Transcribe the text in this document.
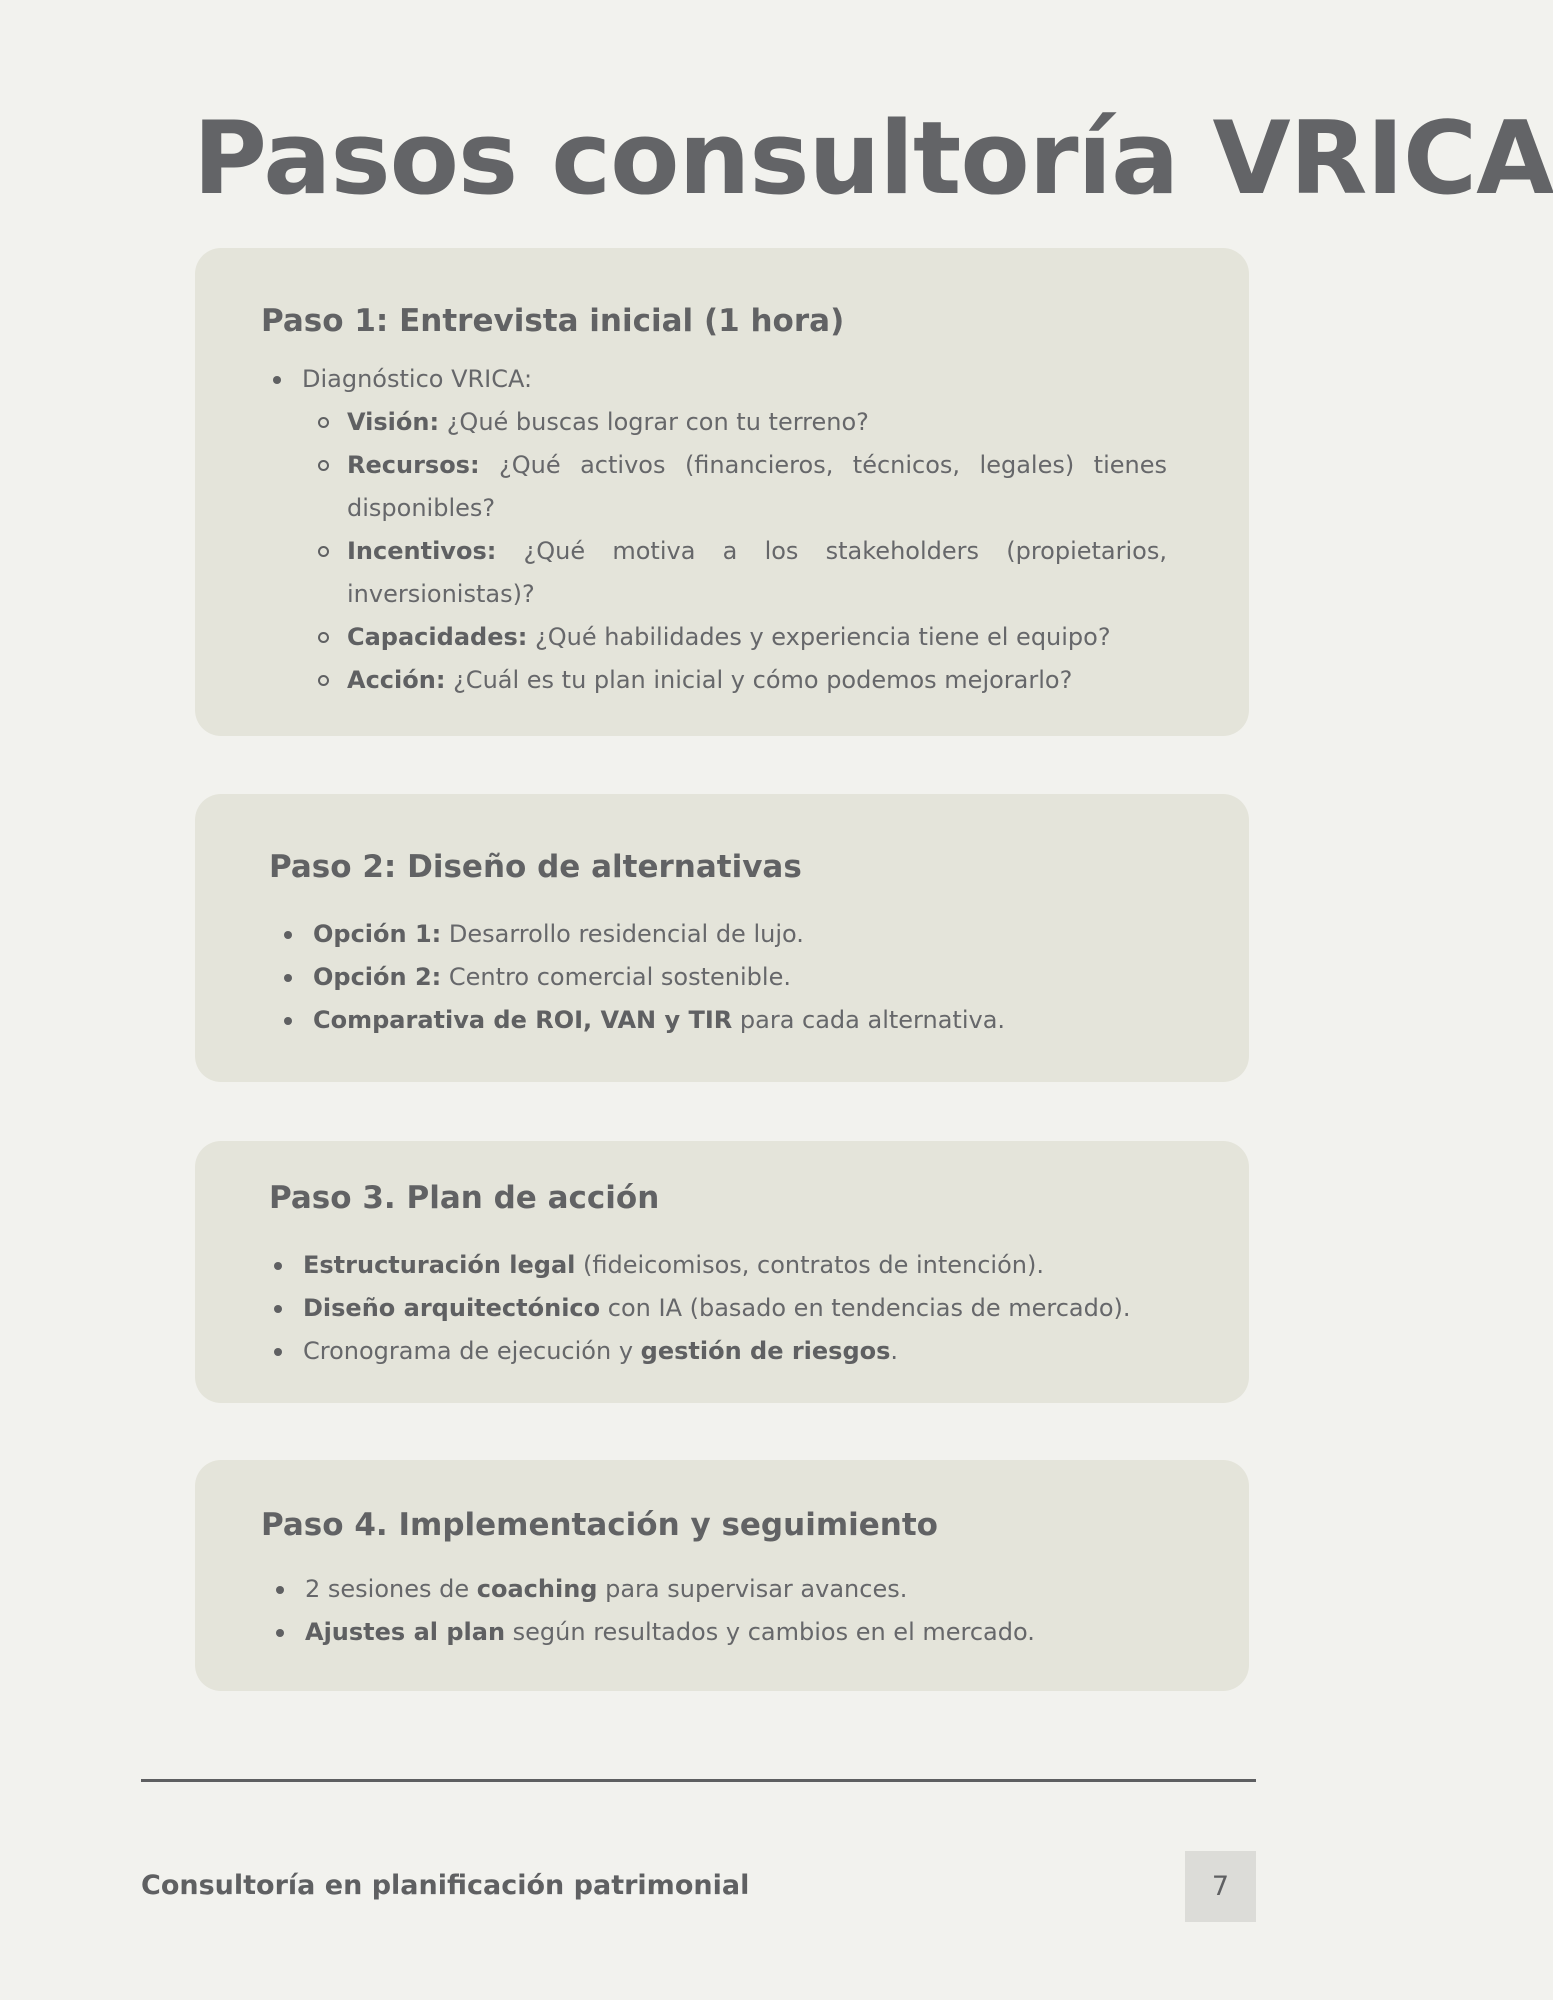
Pasos consultoría VRICA
Paso 1: Entrevista inicial (1 hora)
Diagnóstico VRICA:
Visión: ¿Qué buscas lograr con tu terreno?
Recursos: ¿Qué activos (financieros, técnicos, legales) tienes disponibles?
Incentivos: ¿Qué motiva a los stakeholders (propietarios, inversionistas)?
Capacidades: ¿Qué habilidades y experiencia tiene el equipo?
Acción: ¿Cuál es tu plan inicial y cómo podemos mejorarlo?
Paso 2: Diseño de alternativas
Opción 1: Desarrollo residencial de lujo.
Opción 2: Centro comercial sostenible.
Comparativa de ROI, VAN y TIR para cada alternativa.
Paso 3. Plan de acción
Estructuración legal (fideicomisos, contratos de intención).
Diseño arquitectónico con IA (basado en tendencias de mercado).
Cronograma de ejecución y gestión de riesgos.
Paso 4. Implementación y seguimiento
2 sesiones de coaching para supervisar avances.
Ajustes al plan según resultados y cambios en el mercado.
Consultoría en planificación patrimonial	7
